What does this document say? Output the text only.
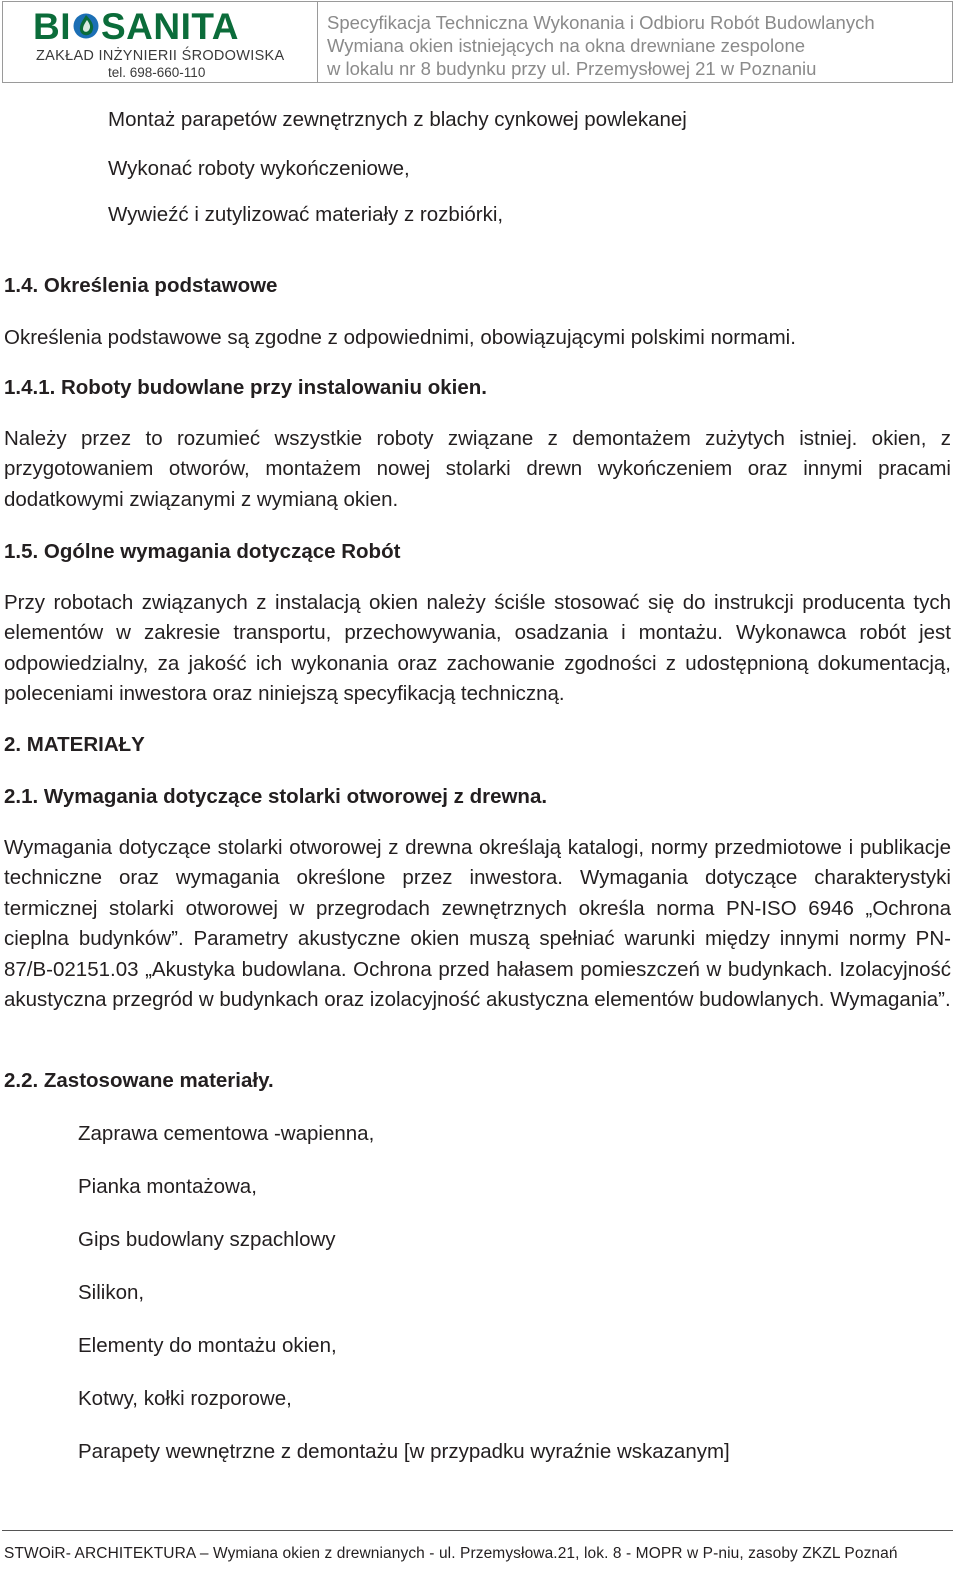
BI SANITA
ZAKŁAD INŻYNIERII ŚRODOWISKA
tel. 698-660-110
Specyfikacja Techniczna Wykonania i Odbioru Robót Budowlanych
Wymiana okien istniejących na okna drewniane zespolone
w lokalu nr 8 budynku przy ul. Przemysłowej 21 w Poznaniu
Montaż parapetów zewnętrznych z blachy cynkowej powlekanej
Wykonać roboty wykończeniowe,
Wywieźć i zutylizować materiały z rozbiórki,
1.4. Określenia podstawowe

Określenia podstawowe są zgodne z odpowiednimi, obowiązującymi polskimi normami.

1.4.1. Roboty budowlane przy instalowaniu okien.

Należy przez to rozumieć wszystkie roboty związane z demontażem zużytych istniej. okien, z przygotowaniem otworów, montażem nowej stolarki drewn wykończeniem oraz innymi pracami dodatkowymi związanymi z wymianą okien.

1.5. Ogólne wymagania dotyczące Robót

Przy robotach związanych z instalacją okien należy ściśle stosować się do instrukcji producenta tych elementów w zakresie transportu, przechowywania, osadzania i montażu. Wykonawca robót jest odpowiedzialny, za jakość ich wykonania oraz zachowanie zgodności z udostępnioną dokumentacją, poleceniami inwestora oraz niniejszą specyfikacją techniczną.

2. MATERIAŁY
2.1. Wymagania dotyczące stolarki otworowej z drewna.

Wymagania dotyczące stolarki otworowej z drewna określają katalogi, normy przedmiotowe i publikacje techniczne oraz wymagania określone przez inwestora. Wymagania dotyczące charakterystyki termicznej stolarki otworowej w przegrodach zewnętrznych określa norma PN-ISO 6946 „Ochrona cieplna budynków”. Parametry akustyczne okien muszą spełniać warunki między innymi normy PN-87/B-02151.03 „Akustyka budowlana. Ochrona przed hałasem pomieszczeń w budynkach. Izolacyjność akustyczna przegród w budynkach oraz izolacyjność akustyczna elementów budowlanych. Wymagania”.

2.2. Zastosowane materiały.
Zaprawa cementowa -wapienna,
Pianka montażowa,
Gips budowlany szpachlowy
Silikon,
Elementy do montażu okien,
Kotwy, kołki rozporowe,
Parapety wewnętrzne z demontażu [w przypadku wyraźnie wskazanym]
STWOiR- ARCHITEKTURA – Wymiana okien z drewnianych - ul. Przemysłowa.21, lok. 8 - MOPR w P-niu, zasoby ZKZL Poznań
